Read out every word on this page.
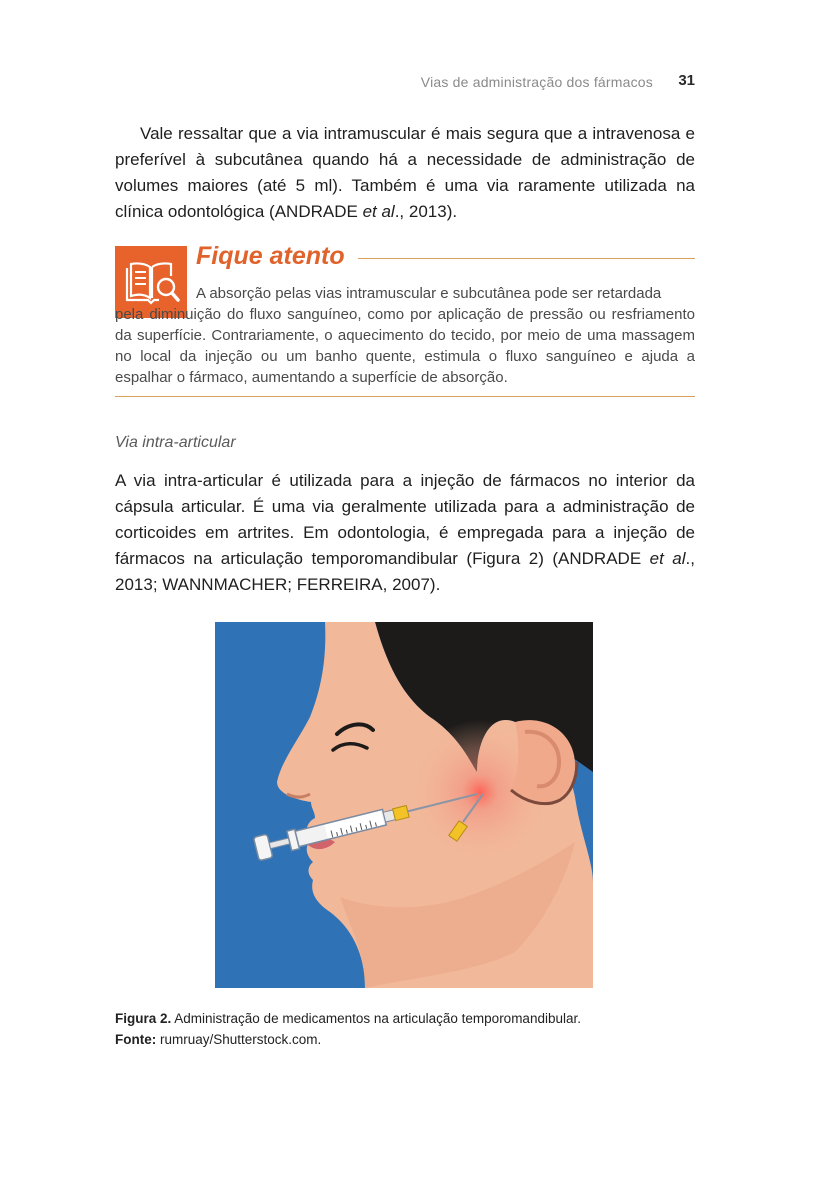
Vias de administração dos fármacos 31
Vale ressaltar que a via intramuscular é mais segura que a intravenosa e preferível à subcutânea quando há a necessidade de administração de volumes maiores (até 5 ml). Também é uma via raramente utilizada na clínica odontológica (ANDRADE et al., 2013).
Fique atento
A absorção pelas vias intramuscular e subcutânea pode ser retardada
pela diminuição do fluxo sanguíneo, como por aplicação de pressão ou resfriamento da superfície. Contrariamente, o aquecimento do tecido, por meio de uma massagem no local da injeção ou um banho quente, estimula o fluxo sanguíneo e ajuda a espalhar o fármaco, aumentando a superfície de absorção.
Via intra-articular
A via intra-articular é utilizada para a injeção de fármacos no interior da cápsula articular. É uma via geralmente utilizada para a administração de corticoides em artrites. Em odontologia, é empregada para a injeção de fármacos na articulação temporomandibular (Figura 2) (ANDRADE et al., 2013; WANNMACHER; FERREIRA, 2007).
Figura 2. Administração de medicamentos na articulação temporomandibular.
Fonte: rumruay/Shutterstock.com.
